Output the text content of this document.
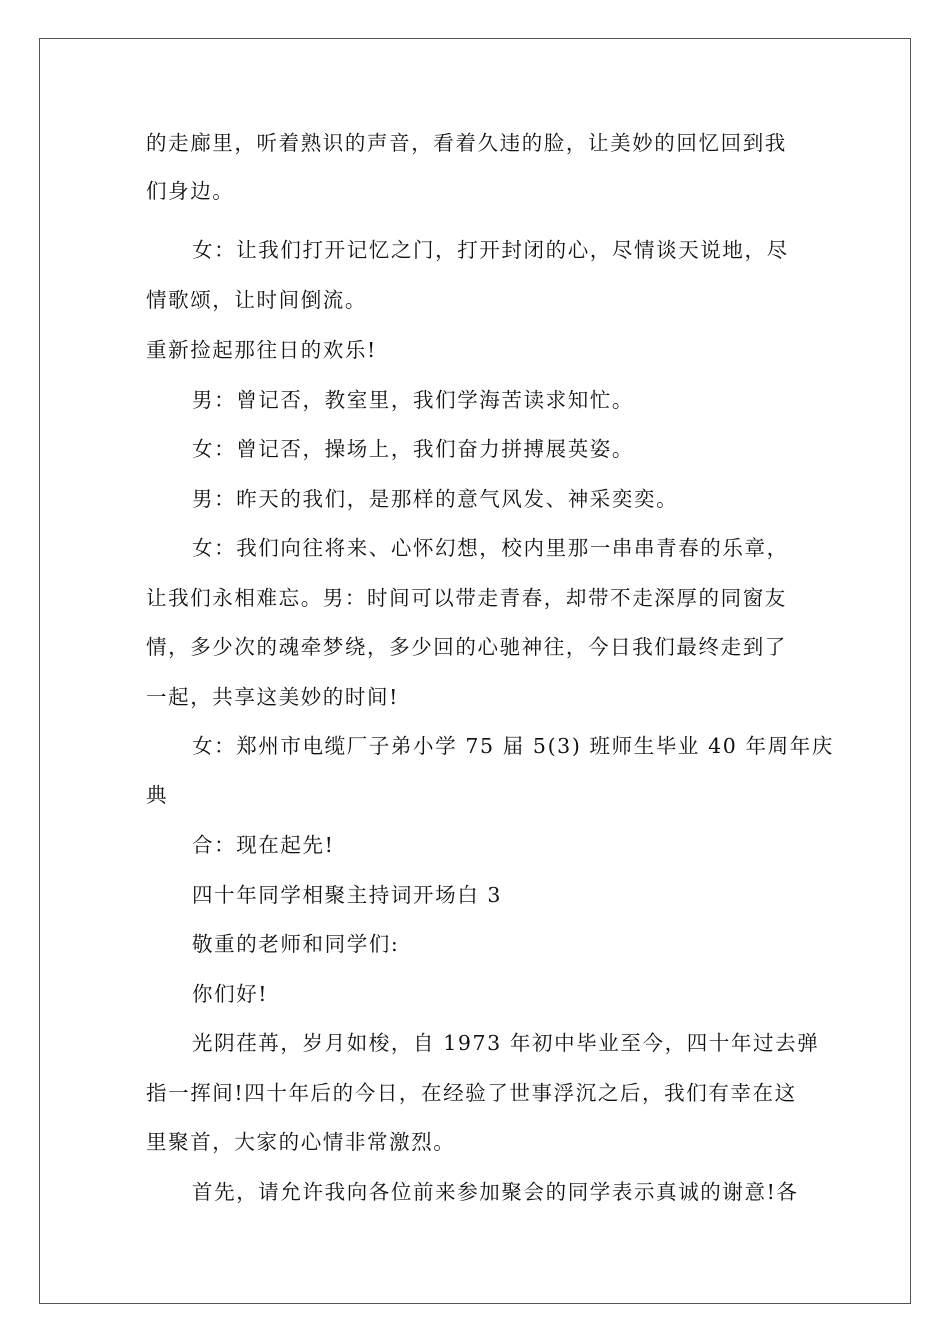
的走廊里，听着熟识的声音，看着久违的脸，让美妙的回忆回到我
们身边。
女：让我们打开记忆之门，打开封闭的心，尽情谈天说地，尽
情歌颂，让时间倒流。
重新捡起那往日的欢乐!
男：曾记否，教室里，我们学海苦读求知忙。
女：曾记否，操场上，我们奋力拼搏展英姿。
男：昨天的我们，是那样的意气风发、神采奕奕。
女：我们向往将来、心怀幻想，校内里那一串串青春的乐章，
让我们永相难忘。男：时间可以带走青春，却带不走深厚的同窗友
情，多少次的魂牵梦绕，多少回的心驰神往，今日我们最终走到了
一起，共享这美妙的时间!
女：郑州市电缆厂子弟小学 75 届 5(3) 班师生毕业 40 年周年庆
典
合：现在起先!
四十年同学相聚主持词开场白 3
敬重的老师和同学们:
你们好!
光阴荏苒，岁月如梭，自 1973 年初中毕业至今，四十年过去弹
指一挥间!四十年后的今日，在经验了世事浮沉之后，我们有幸在这
里聚首，大家的心情非常激烈。
首先，请允许我向各位前来参加聚会的同学表示真诚的谢意!各
